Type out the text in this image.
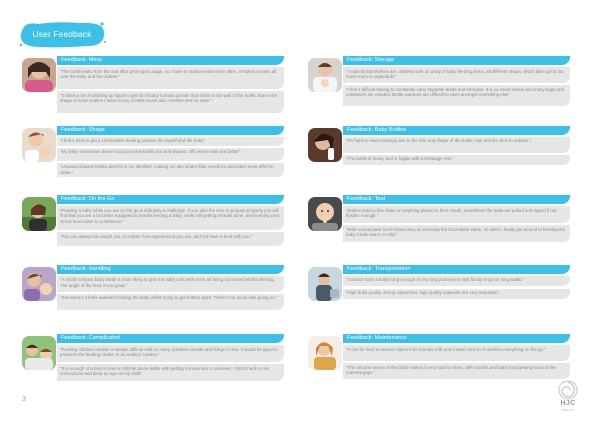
User Feedback
Feedback: Mess
"The bottle leaks from the teat after prolonged usage, so I have to replace teats more often. It makes a mess all over the baby and his clothes."
"It takes a lot of washing up liquid to get rid of baby formula protein that sticks to the wall of the bottle, due to the shape of some bottles I have to buy a bottle brush also. Another item to store."
Feedback: Shape
"I find it hard to get a comfortable feeding position for myself and the baby"
"My baby sometimes doesn't accept some bottle and teat shapes. Off centre teats are better"
"Unusual shaped bottles don't fit in my steriliser, making my day longer than needs be and takes more effort to clean."
Feedback: On the Go
"Feeding a baby while you are on the go is definitely a challenge. If you take the time to prepare properly you will find that you are a lot better equipped to handle feeding a baby, while still getting errands done, and keeping your stress level down to a minimum."
"You can always be caught out, no matter how experienced you are, and not have a feed with you."
Feedback: Handling
"A small compact baby bottle is more likely to give the baby colic with more air being consumed whilst drinking. The angle of the feed is too great."
"Sometimes it feels awkward holding the baby whilst trying to get bottles apart. There's too much else going on."
Feedback: Complicated
"Feeding children outside is always difficult with so many activities outside and things to see. It would be good to preserve the feeding routine in an outdoor context."
"It is enough of a task to feed a child let alone battle with getting formula into a container, I find it hard to mix concoctions and keep an eye on my child"
Feedback: Storage
"I noticed that shelves are cluttered with an array of baby feeding items, all different shape, which take up far too much room in cupboards."
"I find it difficult having to constantly carry separate feeds and formulas. It is so much hassle and many bags and containers are needed. Bottle warmers are difficult to carry amongst everything else"
Feedback: Baby Bottles
"It's hard to read markings due to the size and shape of the bottle, hair and lint stick to outside."
"The bottle is heavy and is fragile with a breakage risk."
Feedback: Teat
"Babies tend to bite down on anything placed in their mouth, sometimes the teats are pulled and ripped if not flexible enough."
"With normal pack lunch boxes they do not keep the food within warm, so when I finally get around to feeding the baby it luke warm or cold."
Feedback: Transportation
"I cannot store a bottle long enough on my long journeys to visit family or go on long walks."
"High build quality, strong robust feel, high quality materials are very important."
Feedback: Maintenance
"It can be hard to remove stains from formula milk and it takes time to re sterilise everything on the go."
"The silicone sleeve of the bottle makes it very hard to clean, with crumbs and baby food getting stuck in the material gaps."
3
HJC
DESIGN
